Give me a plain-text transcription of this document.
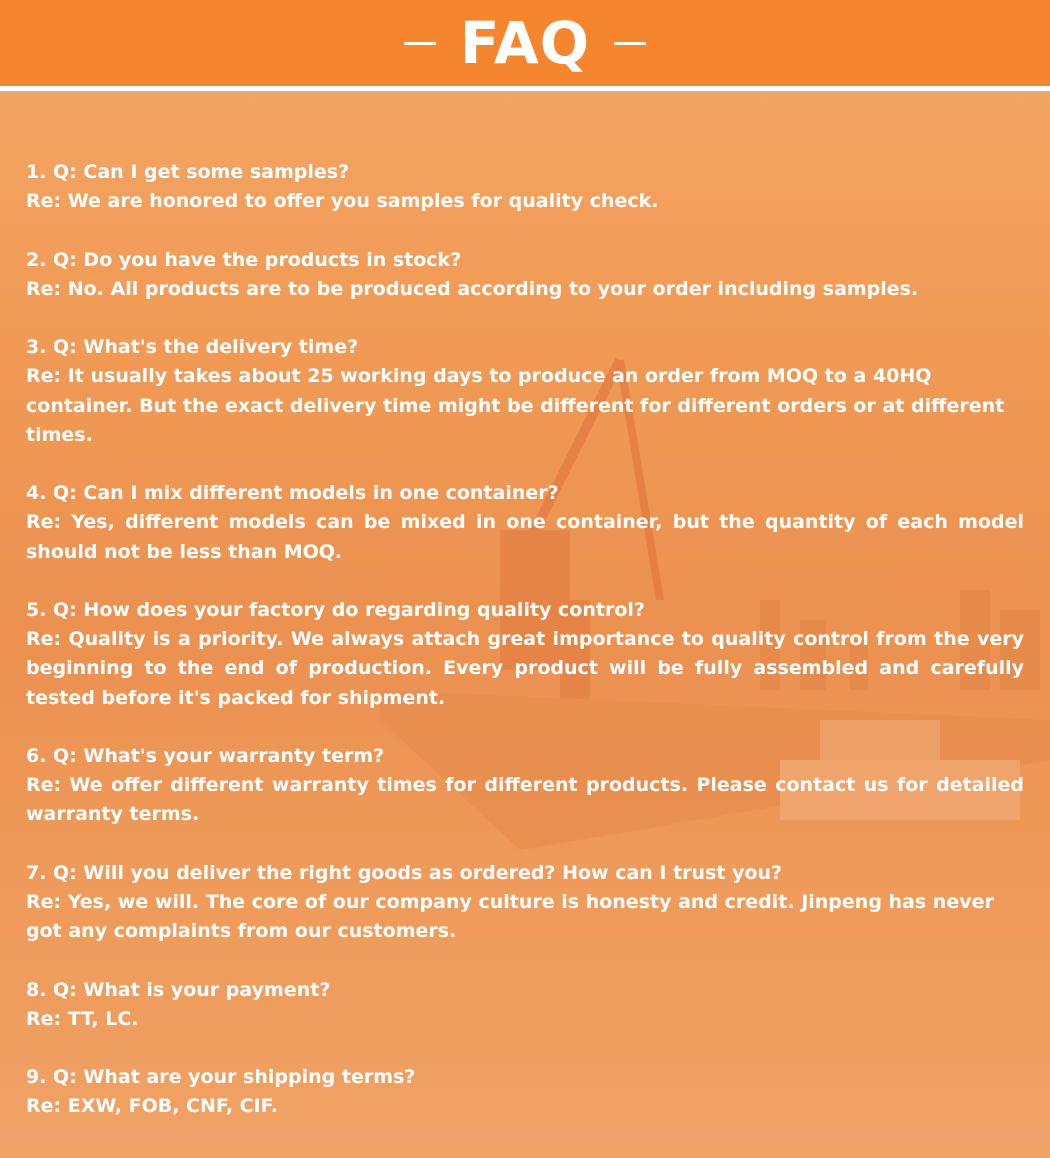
FAQ

1. Q: Can I get some samples?

Re: We are honored to offer you samples for quality check.

2. Q: Do you have the products in stock?

Re: No. All products are to be produced according to your order including samples.

3. Q: What's the delivery time?

Re: It usually takes about 25 working days to produce an order from MOQ to a 40HQ container. But the exact delivery time might be different for different orders or at different times.

4. Q: Can I mix different models in one container?

Re: Yes, different models can be mixed in one container, but the quantity of each model should not be less than MOQ.

5. Q: How does your factory do regarding quality control?

Re: Quality is a priority. We always attach great importance to quality control from the very beginning to the end of production. Every product will be fully assembled and carefully tested before it's packed for shipment.

6. Q: What's your warranty term?

Re: We offer different warranty times for different products. Please contact us for detailed warranty terms.

7. Q: Will you deliver the right goods as ordered? How can I trust you?

Re: Yes, we will. The core of our company culture is honesty and credit. Jinpeng has never got any complaints from our customers.

8. Q: What is your payment?

Re: TT, LC.

9. Q: What are your shipping terms?

Re: EXW, FOB, CNF, CIF.
